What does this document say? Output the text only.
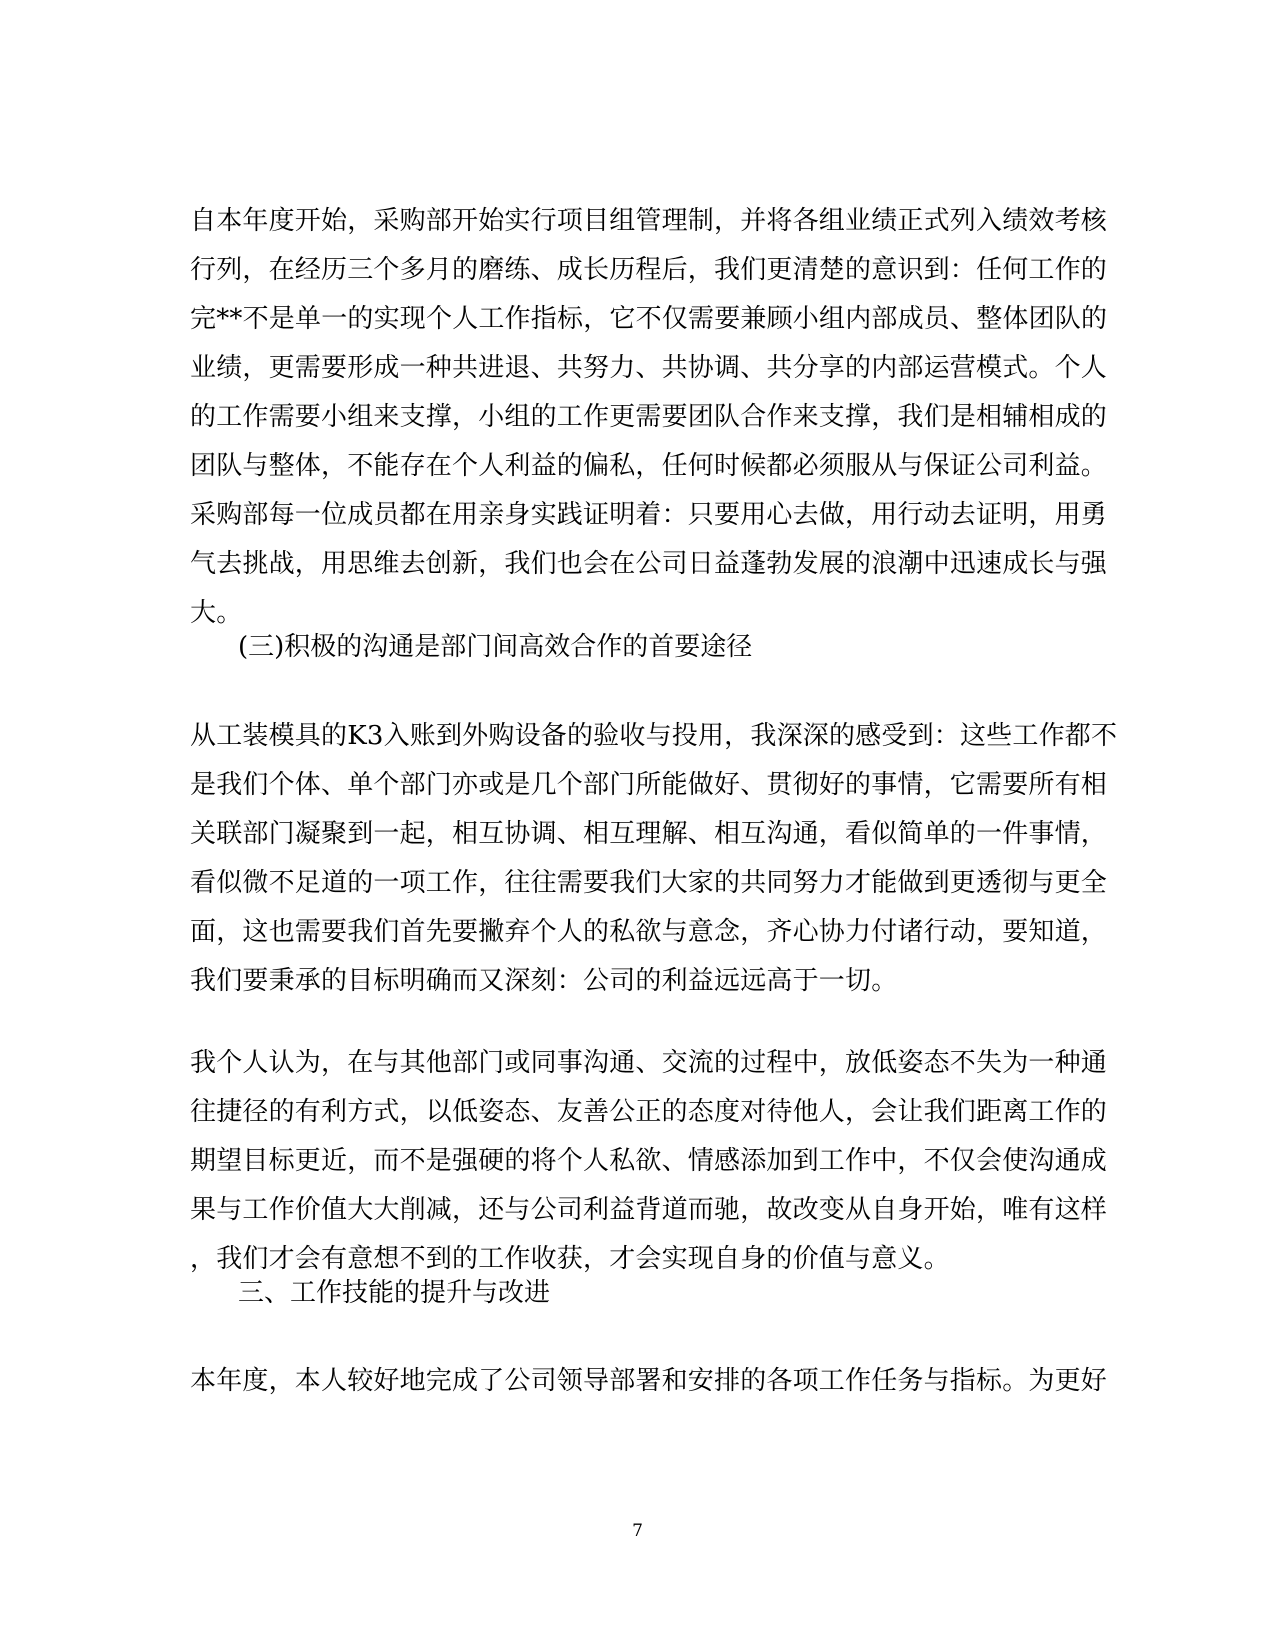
自本年度开始，采购部开始实行项目组管理制，并将各组业绩正式列入绩效考核
行列，在经历三个多月的磨练、成长历程后，我们更清楚的意识到：任何工作的
完**不是单一的实现个人工作指标，它不仅需要兼顾小组内部成员、整体团队的
业绩，更需要形成一种共进退、共努力、共协调、共分享的内部运营模式。个人
的工作需要小组来支撑，小组的工作更需要团队合作来支撑，我们是相辅相成的
团队与整体，不能存在个人利益的偏私，任何时候都必须服从与保证公司利益。
采购部每一位成员都在用亲身实践证明着：只要用心去做，用行动去证明，用勇
气去挑战，用思维去创新，我们也会在公司日益蓬勃发展的浪潮中迅速成长与强
大。

(三)积极的沟通是部门间高效合作的首要途径

从工装模具的K3入账到外购设备的验收与投用，我深深的感受到：这些工作都不
是我们个体、单个部门亦或是几个部门所能做好、贯彻好的事情，它需要所有相
关联部门凝聚到一起，相互协调、相互理解、相互沟通，看似简单的一件事情，
看似微不足道的一项工作，往往需要我们大家的共同努力才能做到更透彻与更全
面，这也需要我们首先要撇弃个人的私欲与意念，齐心协力付诸行动，要知道，
我们要秉承的目标明确而又深刻：公司的利益远远高于一切。

我个人认为，在与其他部门或同事沟通、交流的过程中，放低姿态不失为一种通
往捷径的有利方式，以低姿态、友善公正的态度对待他人，会让我们距离工作的
期望目标更近，而不是强硬的将个人私欲、情感添加到工作中，不仅会使沟通成
果与工作价值大大削减，还与公司利益背道而驰，故改变从自身开始，唯有这样
，我们才会有意想不到的工作收获，才会实现自身的价值与意义。

三、工作技能的提升与改进

本年度，本人较好地完成了公司领导部署和安排的各项工作任务与指标。为更好

7
